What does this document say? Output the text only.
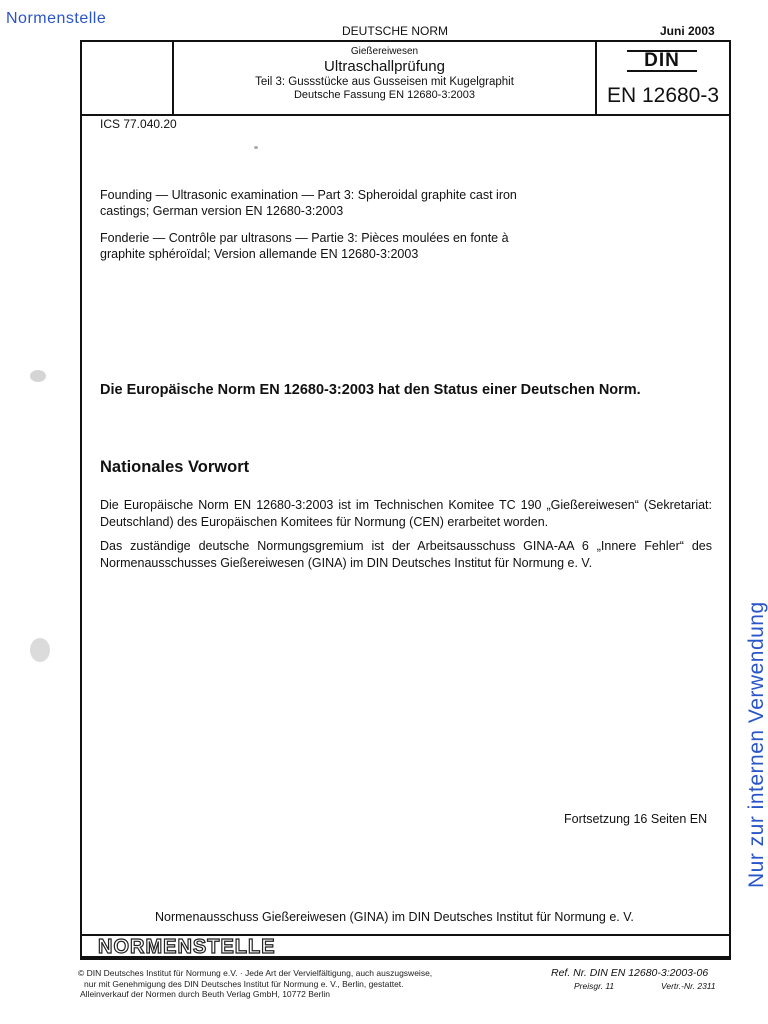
Normenstelle
DEUTSCHE NORM	Juni 2003
Gießereiwesen
Ultraschallprüfung
Teil 3: Gussstücke aus Gusseisen mit Kugelgraphit
Deutsche Fassung EN 12680-3:2003
DIN
EN 12680-3
ICS 77.040.20
Founding — Ultrasonic examination — Part 3: Spheroidal graphite cast iron castings; German version EN 12680-3:2003
Fonderie — Contrôle par ultrasons — Partie 3: Pièces moulées en fonte à graphite sphéroïdal; Version allemande EN 12680-3:2003
Die Europäische Norm EN 12680-3:2003 hat den Status einer Deutschen Norm.
Nationales Vorwort
Die Europäische Norm EN 12680-3:2003 ist im Technischen Komitee TC 190 „Gießereiwesen“ (Sekretariat: Deutschland) des Europäischen Komitees für Normung (CEN) erarbeitet worden.
Das zuständige deutsche Normungsgremium ist der Arbeitsausschuss GINA-AA 6 „Innere Fehler“ des Normenausschusses Gießereiwesen (GINA) im DIN Deutsches Institut für Normung e. V.
Fortsetzung 16 Seiten EN
Normenausschuss Gießereiwesen (GINA) im DIN Deutsches Institut für Normung e. V.
NORMENSTELLE
© DIN Deutsches Institut für Normung e.V. · Jede Art der Vervielfältigung, auch auszugsweise,
nur mit Genehmigung des DIN Deutsches Institut für Normung e. V., Berlin, gestattet.
Alleinverkauf der Normen durch Beuth Verlag GmbH, 10772 Berlin
Ref. Nr. DIN EN 12680-3:2003-06
Preisgr. 11	Vertr.-Nr. 2311
Nur zur internen Verwendung
